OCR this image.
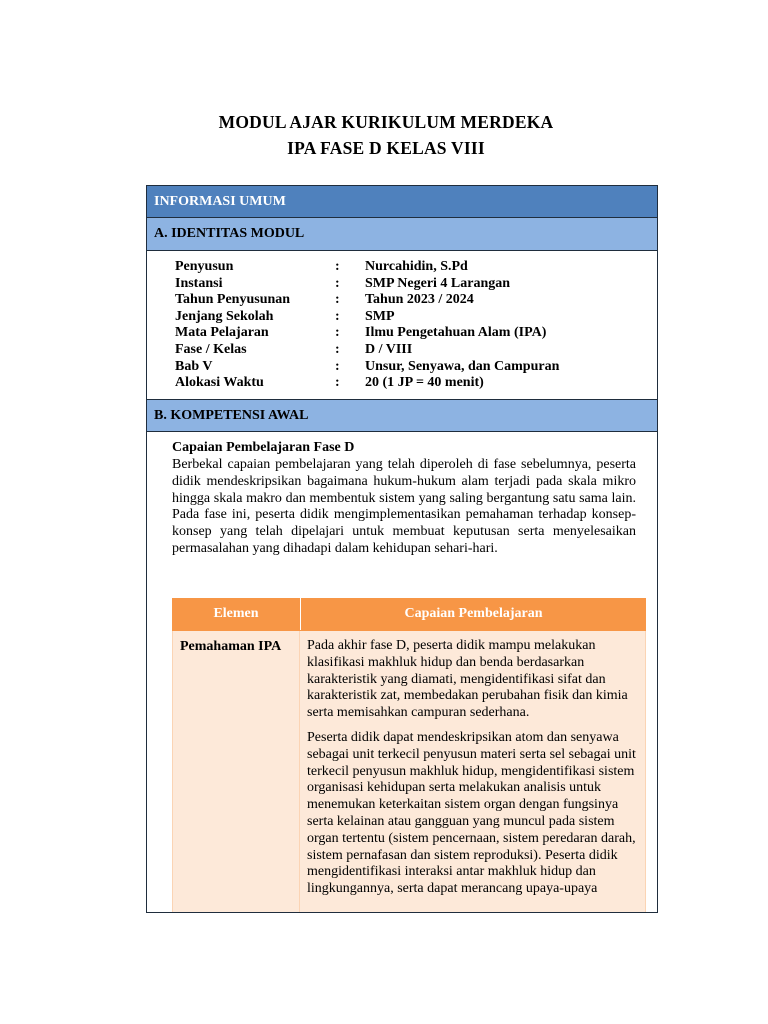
MODUL AJAR KURIKULUM MERDEKA
IPA FASE D KELAS VIII
INFORMASI UMUM
A. IDENTITAS MODUL
Penyusun	:	Nurcahidin, S.Pd
Instansi	:	SMP Negeri 4 Larangan
Tahun Penyusunan	:	Tahun 2023 / 2024
Jenjang Sekolah	:	SMP
Mata Pelajaran	:	Ilmu Pengetahuan Alam (IPA)
Fase / Kelas	:	D / VIII
Bab V	:	Unsur, Senyawa, dan Campuran
Alokasi Waktu	:	20 (1 JP = 40 menit)
B. KOMPETENSI AWAL
Capaian Pembelajaran Fase D
Berbekal capaian pembelajaran yang telah diperoleh di fase sebelumnya, peserta didik mendeskripsikan bagaimana hukum-hukum alam terjadi pada skala mikro hingga skala makro dan membentuk sistem yang saling bergantung satu sama lain. Pada fase ini, peserta didik mengimplementasikan pemahaman terhadap konsep-konsep yang telah dipelajari untuk membuat keputusan serta menyelesaikan permasalahan yang dihadapi dalam kehidupan sehari-hari.
Elemen	Capaian Pembelajaran
Pemahaman IPA	Pada akhir fase D, peserta didik mampu melakukan klasifikasi makhluk hidup dan benda berdasarkan karakteristik yang diamati, mengidentifikasi sifat dan karakteristik zat, membedakan perubahan fisik dan kimia serta memisahkan campuran sederhana.

Peserta didik dapat mendeskripsikan atom dan senyawa sebagai unit terkecil penyusun materi serta sel sebagai unit terkecil penyusun makhluk hidup, mengidentifikasi sistem organisasi kehidupan serta melakukan analisis untuk menemukan keterkaitan sistem organ dengan fungsinya serta kelainan atau gangguan yang muncul pada sistem organ tertentu (sistem pencernaan, sistem peredaran darah, sistem pernafasan dan sistem reproduksi). Peserta didik mengidentifikasi interaksi antar makhluk hidup dan lingkungannya, serta dapat merancang upaya-upaya
